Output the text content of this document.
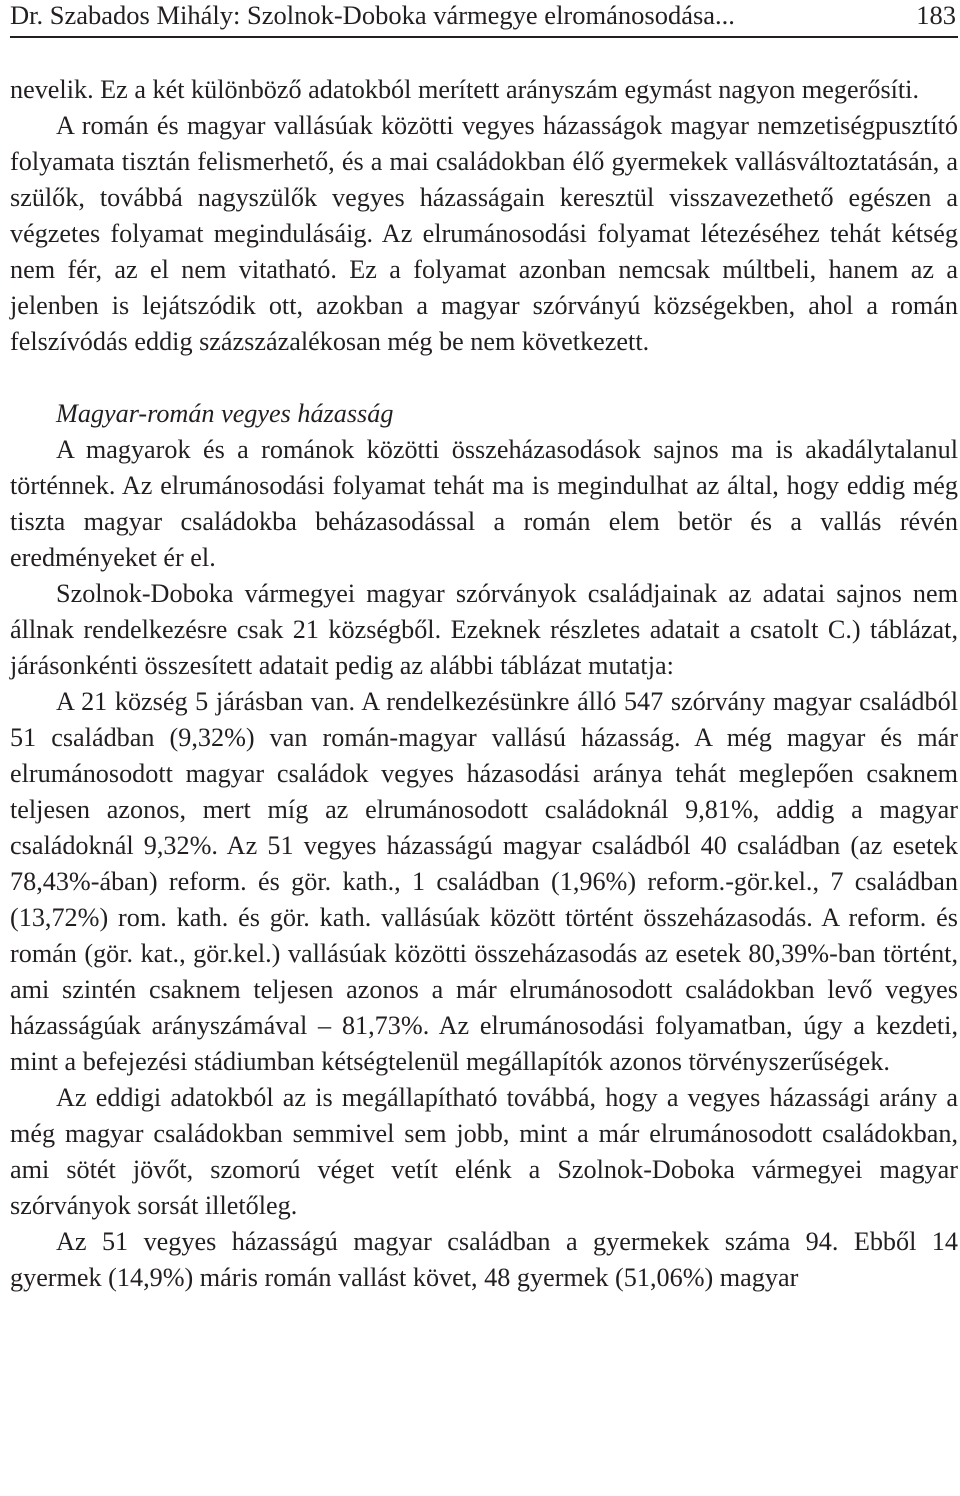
Dr. Szabados Mihály: Szolnok-Doboka vármegye elrománosodása...	183

nevelik. Ez a két különböző adatokból merített arányszám egymást nagyon megerősíti.

A román és magyar vallásúak közötti vegyes házasságok magyar nemzetiségpusztító folyamata tisztán felismerhető, és a mai családokban élő gyermekek vallásváltoztatásán, a szülők, továbbá nagyszülők vegyes házasságain keresztül visszavezethető egészen a végzetes folyamat megindulásáig. Az elrumánosodási folyamat létezéséhez tehát kétség nem fér, az el nem vitatható. Ez a folyamat azonban nemcsak múltbeli, hanem az a jelenben is lejátszódik ott, azokban a magyar szórványú községekben, ahol a román felszívódás eddig százszázalékosan még be nem következett.

Magyar-román vegyes házasság

A magyarok és a románok közötti összeházasodások sajnos ma is akadálytalanul történnek. Az elrumánosodási folyamat tehát ma is megindulhat az által, hogy eddig még tiszta magyar családokba beházasodással a román elem betör és a vallás révén eredményeket ér el.

Szolnok-Doboka vármegyei magyar szórványok családjainak az adatai sajnos nem állnak rendelkezésre csak 21 községből. Ezeknek részletes adatait a csatolt C.) táblázat, járásonkénti összesített adatait pedig az alábbi táblázat mutatja:

A 21 község 5 járásban van. A rendelkezésünkre álló 547 szórvány magyar családból 51 családban (9,32%) van román-magyar vallású házasság. A még magyar és már elrumánosodott magyar családok vegyes házasodási aránya tehát meglepően csaknem teljesen azonos, mert míg az elrumánosodott családoknál 9,81%, addig a magyar családoknál 9,32%. Az 51 vegyes házasságú magyar családból 40 családban (az esetek 78,43%-ában) reform. és gör. kath., 1 családban (1,96%) reform.-gör.kel., 7 családban (13,72%) rom. kath. és gör. kath. vallásúak között történt összeházasodás. A reform. és román (gör. kat., gör.kel.) vallásúak közötti összeházasodás az esetek 80,39%-ban történt, ami szintén csaknem teljesen azonos a már elrumánosodott családokban levő vegyes házasságúak arányszámával – 81,73%. Az elrumánosodási folyamatban, úgy a kezdeti, mint a befejezési stádiumban kétségtelenül megállapítók azonos törvényszerűségek.

Az eddigi adatokból az is megállapítható továbbá, hogy a vegyes házassági arány a még magyar családokban semmivel sem jobb, mint a már elrumánosodott családokban, ami sötét jövőt, szomorú véget vetít elénk a Szolnok-Doboka vármegyei magyar szórványok sorsát illetőleg.

Az 51 vegyes házasságú magyar családban a gyermekek száma 94. Ebből 14 gyermek (14,9%) máris román vallást követ, 48 gyermek (51,06%) magyar
